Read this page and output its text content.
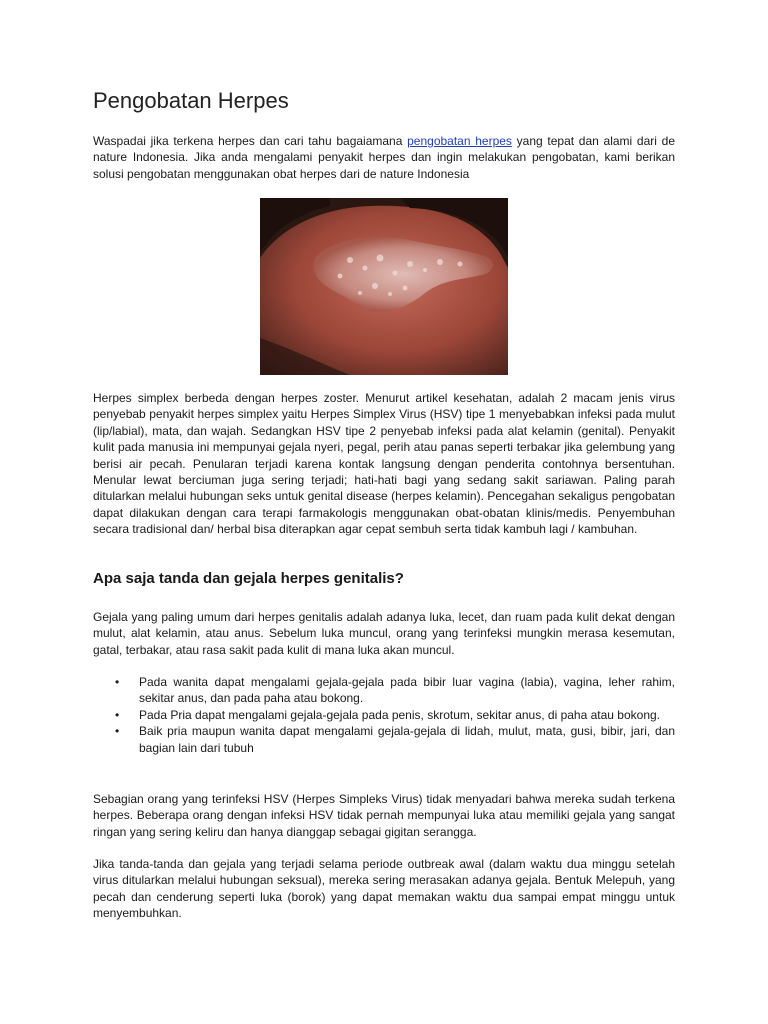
Pengobatan Herpes

Waspadai jika terkena herpes dan cari tahu bagaiamana pengobatan herpes yang tepat dan alami dari de nature Indonesia. Jika anda mengalami penyakit herpes dan ingin melakukan pengobatan, kami berikan solusi pengobatan menggunakan obat herpes dari de nature Indonesia

Herpes simplex berbeda dengan herpes zoster. Menurut artikel kesehatan, adalah 2 macam jenis virus penyebab penyakit herpes simplex yaitu Herpes Simplex Virus (HSV) tipe 1 menyebabkan infeksi pada mulut (lip/labial), mata, dan wajah. Sedangkan HSV tipe 2 penyebab infeksi pada alat kelamin (genital). Penyakit kulit pada manusia ini mempunyai gejala nyeri, pegal, perih atau panas seperti terbakar jika gelembung yang berisi air pecah. Penularan terjadi karena kontak langsung dengan penderita contohnya bersentuhan. Menular lewat berciuman juga sering terjadi; hati-hati bagi yang sedang sakit sariawan. Paling parah ditularkan melalui hubungan seks untuk genital disease (herpes kelamin). Pencegahan sekaligus pengobatan dapat dilakukan dengan cara terapi farmakologis menggunakan obat-obatan klinis/medis. Penyembuhan secara tradisional dan/ herbal bisa diterapkan agar cepat sembuh serta tidak kambuh lagi / kambuhan.

Apa saja tanda dan gejala herpes genitalis?

Gejala yang paling umum dari herpes genitalis adalah adanya luka, lecet, dan ruam pada kulit dekat dengan mulut, alat kelamin, atau anus. Sebelum luka muncul, orang yang terinfeksi mungkin merasa kesemutan, gatal, terbakar, atau rasa sakit pada kulit di mana luka akan muncul.

• Pada wanita dapat mengalami gejala-gejala pada bibir luar vagina (labia), vagina, leher rahim, sekitar anus, dan pada paha atau bokong.
• Pada Pria dapat mengalami gejala-gejala pada penis, skrotum, sekitar anus, di paha atau bokong.
• Baik pria maupun wanita dapat mengalami gejala-gejala di lidah, mulut, mata, gusi, bibir, jari, dan bagian lain dari tubuh

Sebagian orang yang terinfeksi HSV (Herpes Simpleks Virus) tidak menyadari bahwa mereka sudah terkena herpes. Beberapa orang dengan infeksi HSV tidak pernah mempunyai luka atau memiliki gejala yang sangat ringan yang sering keliru dan hanya dianggap sebagai gigitan serangga.

Jika tanda-tanda dan gejala yang terjadi selama periode outbreak awal (dalam waktu dua minggu setelah virus ditularkan melalui hubungan seksual), mereka sering merasakan adanya gejala. Bentuk Melepuh, yang pecah dan cenderung seperti luka (borok) yang dapat memakan waktu dua sampai empat minggu untuk menyembuhkan.
